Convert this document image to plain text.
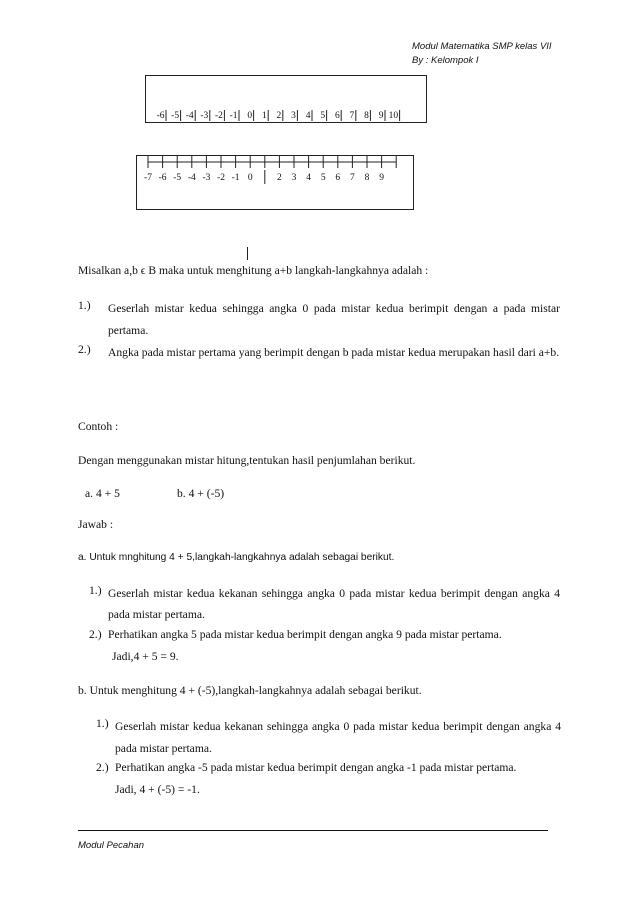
Modul Matematika SMP kelas VII
By : Kelompok I
-6 -5 -4 -3 -2 -1 0 1 2 3 4 5 6 7 8 9 10
-7 -6 -5 -4 -3 -2 -1 0	2 3 4 5 6 7 8 9
Misalkan a,b ϵ B maka untuk menghitung a+b langkah-langkahnya adalah :
1.) Geserlah mistar kedua sehingga angka 0 pada mistar kedua berimpit dengan a pada mistar pertama.
2.) Angka pada mistar pertama yang berimpit dengan b pada mistar kedua merupakan hasil dari a+b.
Contoh :
Dengan menggunakan mistar hitung,tentukan hasil penjumlahan berikut.
a. 4 + 5	b. 4 + (-5)
Jawab :
a. Untuk mnghitung 4 + 5,langkah-langkahnya adalah sebagai berikut.
1.) Geserlah mistar kedua kekanan sehingga angka 0 pada mistar kedua berimpit dengan angka 4 pada mistar pertama.
2.) Perhatikan angka 5 pada mistar kedua berimpit dengan angka 9 pada mistar pertama.
Jadi,4 + 5 = 9.
b. Untuk menghitung 4 + (-5),langkah-langkahnya adalah sebagai berikut.
1.) Geserlah mistar kedua kekanan sehingga angka 0 pada mistar kedua berimpit dengan angka 4 pada mistar pertama.
2.) Perhatikan angka -5 pada mistar kedua berimpit dengan angka -1 pada mistar pertama.
Jadi, 4 + (-5) = -1.
Modul Pecahan
